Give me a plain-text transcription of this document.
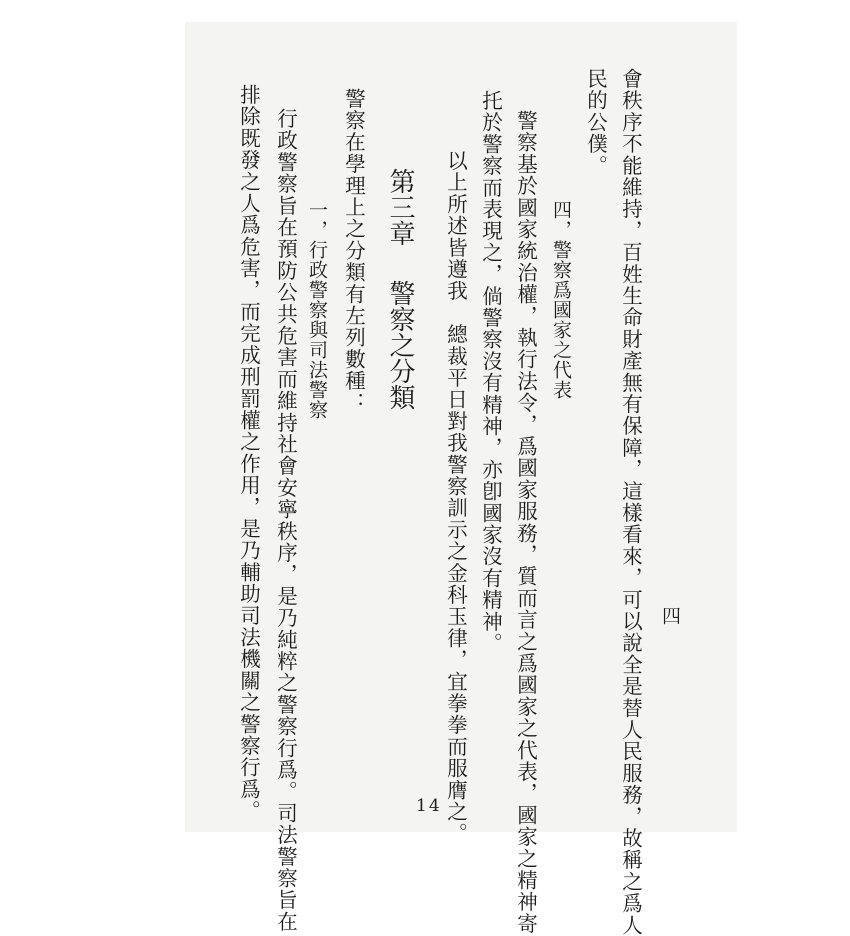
四
會秩序不能維持，百姓生命財產無有保障，這樣看來，可以說全是替人民服務，故稱之爲人
民的公僕。
四，警察爲國家之代表
警察基於國家統治權，執行法令，爲國家服務，質而言之爲國家之代表，國家之精神寄
托於警察而表現之，倘警察沒有精神，亦卽國家沒有精神。
以上所述皆遵我　總裁平日對我警察訓示之金科玉律，宜拳拳而服膺之。
第三章警察之分類
警察在學理上之分類有左列數種：
一，行政警察與司法警察
行政警察旨在預防公共危害而維持社會安寧秩序，是乃純粹之警察行爲。司法警察旨在
排除既發之人爲危害，而完成刑罰權之作用，是乃輔助司法機關之警察行爲。	14
